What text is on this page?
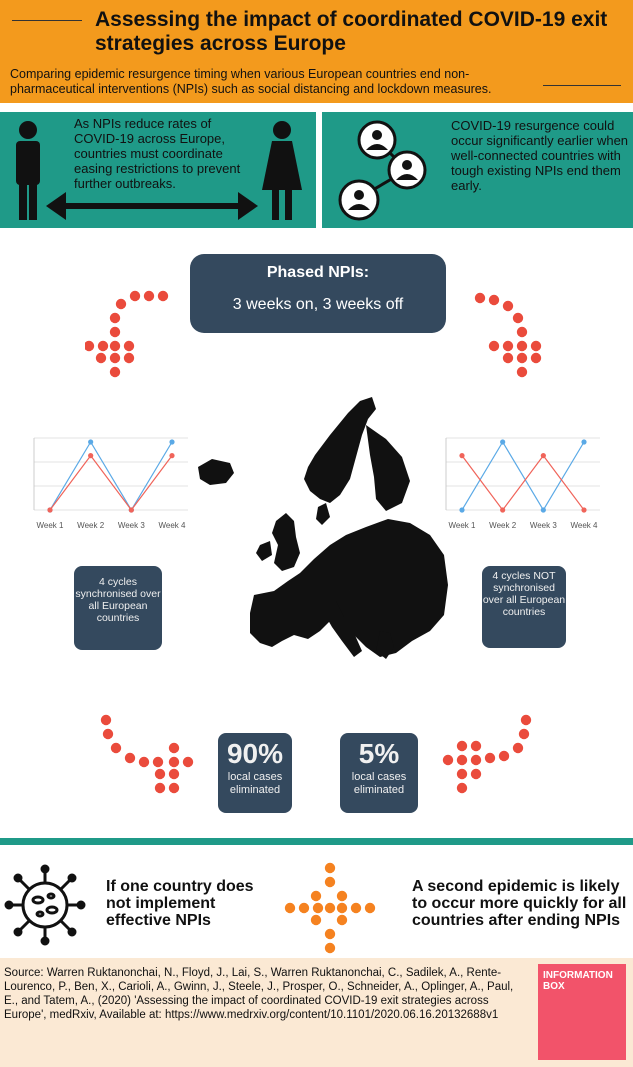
Assessing the impact of coordinated COVID-19 exit strategies across Europe

Comparing epidemic resurgence timing when various European countries end non-pharmaceutical interventions (NPIs) such as social distancing and lockdown measures.

As NPIs reduce rates of COVID-19 across Europe, countries must coordinate easing restrictions to prevent further outbreaks.

COVID-19 resurgence could occur significantly earlier when well-connected countries with tough existing NPIs end them early.

Phased NPIs:
3 weeks on, 3 weeks off
Week 1 Week 2 Week 3 Week 4	Week 1 Week 2 Week 3 Week 4
4 cycles synchronised over all European countries
4 cycles NOT synchronised over all European countries
90%
local cases eliminated
5%
local cases eliminated

If one country does not implement effective NPIs

A second epidemic is likely to occur more quickly for all countries after ending NPIs

Source: Warren Ruktanonchai, N., Floyd, J., Lai, S., Warren Ruktanonchai, C., Sadilek, A., Rente-Lourenco, P., Ben, X., Carioli, A., Gwinn, J., Steele, J., Prosper, O., Schneider, A., Oplinger, A., Paul, E., and Tatem, A., (2020) 'Assessing the impact of coordinated COVID-19 exit strategies across Europe', medRxiv, Available at: https://www.medrxiv.org/content/10.1101/2020.06.16.20132688v1

INFORMATION BOX
